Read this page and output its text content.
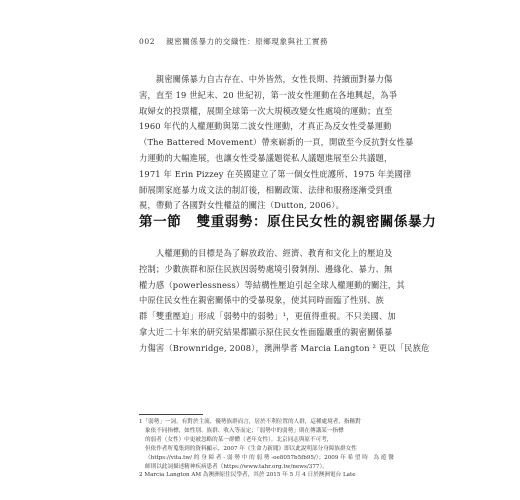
002 親密關係暴力的交織性：原鄉現象與社工實務
　　親密關係暴力自古存在、中外皆然，女性長期、持續面對暴力傷
害，直至 19 世紀末、20 世紀初，第一波女性運動在各地興起，為爭
取婦女的投票權，展開全球第一次大規模改變女性處境的運動；直至
1960 年代的人權運動與第二波女性運動，才真正為反女性受暴運動
（The Battered Movement）帶來嶄新的一頁，開啟至今反抗對女性暴
力運動的大幅進展，也讓女性受暴議題從私人議題進展至公共議題，
1971 年 Erin Pizzey 在英國建立了第一個女性庇護所、1975 年美國律
師展開家庭暴力成文法的制訂後，相關政策、法律和服務逐漸受到重
視，帶動了各國對女性權益的關注（Dutton, 2006）。
第一節 雙重弱勢：原住民女性的親密關係暴力
　　人權運動的目標是為了解放政治、經濟、教育和文化上的壓迫及
控制；少數族群和原住民族因弱勢處境引發剝削、邊緣化、暴力、無
權力感（powerlessness）等結構性壓迫引起全球人權運動的關注，其
中原住民女性在親密關係中的受暴現象，使其同時面臨了性別、族
群「雙重壓迫」形成「弱勢中的弱勢」¹，更值得重視。不只美國、加
拿大近二十年來的研究結果都顯示原住民女性面臨嚴重的親密關係暴
力傷害（Brownridge, 2008），澳洲學者 Marcia Langton ² 更以「民族危
1「弱勢」一詞，有對於主流、優勢族群而言，居於不利位置的人群，這種處境者，指稱對
象依不同指標，如性別、族群、收入等而定；「弱勢中的弱勢」則在傳講某一指標
的弱者（女性）中更被忽略的某一群體（老年女性）。北京同志與原不可考，
但依作者所蒐集到的資料顯示，2007 年《生命力新聞》即以此說明部分身障族群女性
（https://vita.tw/ 的 身 障 者 - 弱 勢 中 的 弱 勢 -oe8057b5fb95/）；2009 年 希 望 時　為 遊 醫
師則以此詞描述精神疾病患者（https://www.tahr.org.tw/news/377）。
2 Marcia Langton AM 為澳洲原住民學者，其於 2015 年 5 月 4 日於澳洲電台 Late
